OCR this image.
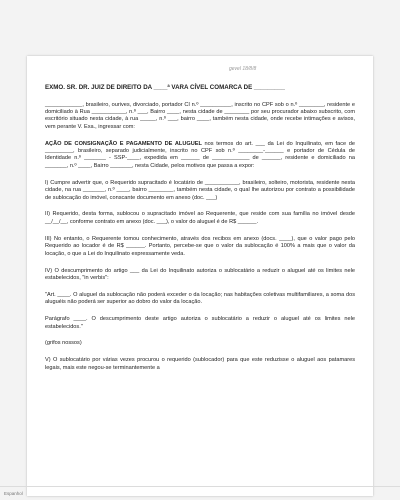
gevel 18/8/8

EXMO. SR. DR. JUIZ DE DIREITO DA ____ª VARA CÍVEL COMARCA DE _________

____________, brasileiro, ourives, divorciado, portador CI n.º __________, inscrito no CPF sob o n.º ________, residente e domiciliado à Rua ___________, n.º ___, Bairro ____, nesta cidade de ________ por seu procurador abaixo subscrito, com escritório situado nesta cidade, à rua _____, n.º ___, bairro ____, também nesta cidade, onde recebe intimações e avisos, vem perante V. Exa., ingressar com:

AÇÃO DE CONSIGNAÇÃO E PAGAMENTO DE ALUGUEL nos termos do art. ___ da Lei do Inquilinato, em face de _________, brasileiro, separado judicialmente, inscrito no CPF sob n.º ________-______ e portador de Cédula de Identidade n.º _______ - SSP-____, expedida em ______ de ____________ de ______, residente e domiciliado na _______, n.º ____, Bairro _______, nesta Cidade, pelos motivos que passa a expor:

I) Cumpre advertir que, o Requerido supracitado é locatário de ___________, brasileiro, solteiro, motorista, residente nesta cidade, na rua _______, n.º ____, bairro ________, também nesta cidade, o qual lhe autorizou por contrato a possibilidade de sublocação do imóvel, conscante documento em anexo (doc. ___)

II) Requerido, desta forma, sublocou o supracitado imóvel ao Requerente, que reside com sua família no imóvel desde __/__/__, conforme contrato em anexo (doc. ___), o valor do aluguel é de R$ ______.

III) No entanto, o Requerente tomou conhecimento, através dos recibos em anexo (docs. ____), que o valor pago pelo Requerido ao locador é de R$ ______. Portanto, percebe-se que o valor da sublocação é 100% a mais que o valor da locação, o que a Lei do Inquilinato expressamente veda.

IV) O descumprimento do artigo ___ da Lei do Inquilinato autoriza o sublocatário a reduzir o aluguel até os limites nele estabelecidos, "in verbis":

"Art. ____. O aluguel da sublocação não poderá exceder o da locação; nas habitações coletivas multifamiliares, a soma dos aluguéis não poderá ser superior ao dobro do valor da locação.

Parágrafo ____. O descumprimento deste artigo autoriza o sublocatário a reduzir o aluguel até os limites nele estabelecidos."

(grifos nossos)

V) O sublocatário por várias vezes procurou o requerido (sublocador) para que este reduzisse o aluguel aos patamares legais, mais este negou-se terminantemente a

Espanhol
